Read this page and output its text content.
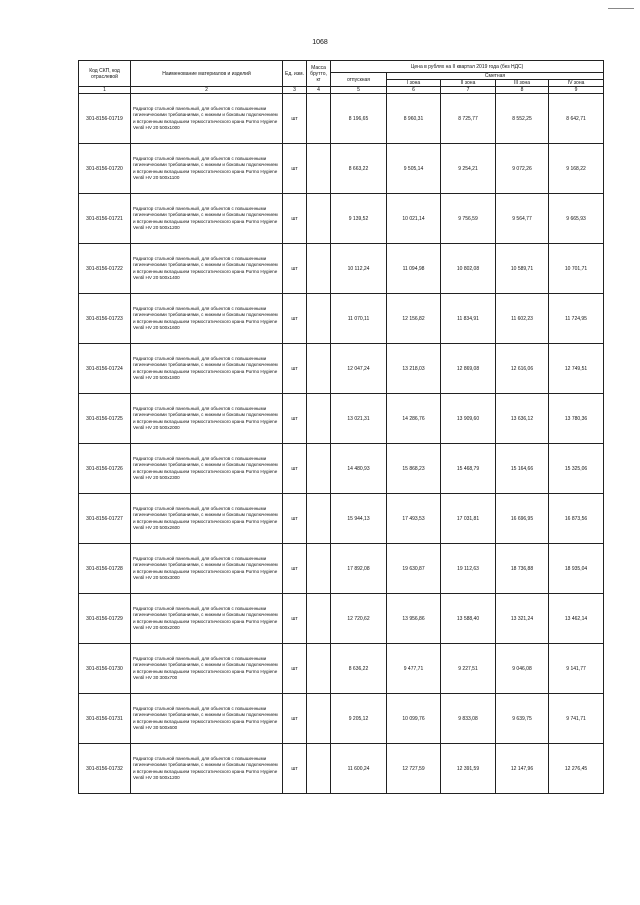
1068
Код СКП, код отраслевой	Наименование материалов и изделий	Ед. изм.	Масса брутто, кг	Цена в рублях на II квартал 2019 года (без НДС)				
				отпускная	Сметная			
					I зона	II зона	III зона	IV зона
1	2	3	4	5	6	7	8	9
301-8156-01719	Радиатор стальной панельный, для объектов с повышенными гигиеническими требованиями, с нижним и боковым подключением и встроенным вкладышем термостатического крана Purmo Hygiene Ventil HV 20 500x1000	шт		8 196,65	8 960,31	8 725,77	8 552,25	8 642,71
301-8156-01720	Радиатор стальной панельный, для объектов с повышенными гигиеническими требованиями, с нижним и боковым подключением и встроенным вкладышем термостатического крана Purmo Hygiene Ventil HV 20 500x1100	шт		8 663,22	9 505,14	9 254,21	9 072,26	9 168,22
301-8156-01721	Радиатор стальной панельный, для объектов с повышенными гигиеническими требованиями, с нижним и боковым подключением и встроенным вкладышем термостатического крана Purmo Hygiene Ventil HV 20 500x1200	шт		9 139,52	10 021,14	9 756,59	9 564,77	9 665,93
301-8156-01722	Радиатор стальной панельный, для объектов с повышенными гигиеническими требованиями, с нижним и боковым подключением и встроенным вкладышем термостатического крана Purmo Hygiene Ventil HV 20 500x1400	шт		10 112,24	11 094,98	10 802,08	10 589,71	10 701,71
301-8156-01723	Радиатор стальной панельный, для объектов с повышенными гигиеническими требованиями, с нижним и боковым подключением и встроенным вкладышем термостатического крана Purmo Hygiene Ventil HV 20 500x1600	шт		11 070,11	12 156,82	11 834,91	11 602,23	11 724,95
301-8156-01724	Радиатор стальной панельный, для объектов с повышенными гигиеническими требованиями, с нижним и боковым подключением и встроенным вкладышем термостатического крана Purmo Hygiene Ventil HV 20 500x1800	шт		12 047,24	13 218,03	12 869,08	12 616,06	12 749,51
301-8156-01725	Радиатор стальной панельный, для объектов с повышенными гигиеническими требованиями, с нижним и боковым подключением и встроенным вкладышем термостатического крана Purmo Hygiene Ventil HV 20 500x2000	шт		13 021,31	14 286,76	13 909,60	13 636,12	13 780,36
301-8156-01726	Радиатор стальной панельный, для объектов с повышенными гигиеническими требованиями, с нижним и боковым подключением и встроенным вкладышем термостатического крана Purmo Hygiene Ventil HV 20 500x2300	шт		14 480,93	15 868,23	15 468,79	15 164,66	15 325,06
301-8156-01727	Радиатор стальной панельный, для объектов с повышенными гигиеническими требованиями, с нижним и боковым подключением и встроенным вкладышем термостатического крана Purmo Hygiene Ventil HV 20 500x2600	шт		15 944,13	17 493,53	17 031,81	16 696,95	16 873,56
301-8156-01728	Радиатор стальной панельный, для объектов с повышенными гигиеническими требованиями, с нижним и боковым подключением и встроенным вкладышем термостатического крана Purmo Hygiene Ventil HV 20 500x3000	шт		17 892,08	19 630,87	19 112,63	18 736,88	18 935,04
301-8156-01729	Радиатор стальной панельный, для объектов с повышенными гигиеническими требованиями, с нижним и боковым подключением и встроенным вкладышем термостатического крана Purmo Hygiene Ventil HV 20 600x2000	шт		12 720,62	13 956,86	13 588,40	13 321,24	13 462,14
301-8156-01730	Радиатор стальной панельный, для объектов с повышенными гигиеническими требованиями, с нижним и боковым подключением и встроенным вкладышем термостатического крана Purmo Hygiene Ventil HV 30 300x700	шт		8 636,22	9 477,71	9 227,51	9 046,08	9 141,77
301-8156-01731	Радиатор стальной панельный, для объектов с повышенными гигиеническими требованиями, с нижним и боковым подключением и встроенным вкладышем термостатического крана Purmo Hygiene Ventil HV 30 500x600	шт		9 205,12	10 099,76	9 833,08	9 639,75	9 741,71
301-8156-01732	Радиатор стальной панельный, для объектов с повышенными гигиеническими требованиями, с нижним и боковым подключением и встроенным вкладышем термостатического крана Purmo Hygiene Ventil HV 30 500x1200	шт		11 600,24	12 727,59	12 391,59	12 147,96	12 276,45
